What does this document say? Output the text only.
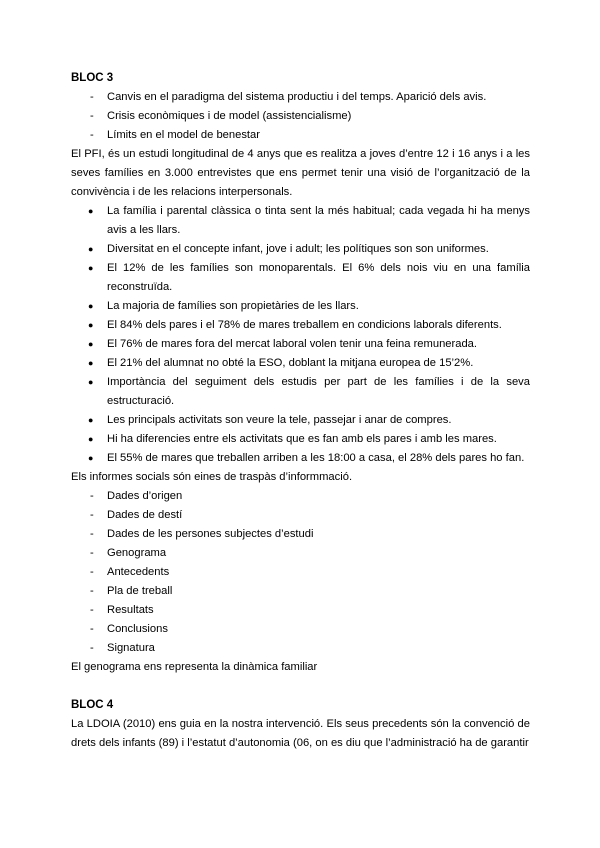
BLOC 3
- Canvis en el paradigma del sistema productiu i del temps. Aparició dels avis.
- Crisis econòmiques i de model (assistencialisme)
- Límits en el model de benestar

El PFI, és un estudi longitudinal de 4 anys que es realitza a joves d’entre 12 i 16 anys i a les seves famílies en 3.000 entrevistes que ens permet tenir una visió de l’organització de la convivència i de les relacions interpersonals.

● La família i parental clàssica o tinta sent la més habitual; cada vegada hi ha menys avis a les llars.
● Diversitat en el concepte infant, jove i adult; les polítiques son son uniformes.
● El 12% de les famílies son monoparentals. El 6% dels nois viu en una família reconstruïda.
● La majoria de famílies son propietàries de les llars.
● El 84% dels pares i el 78% de mares treballem en condicions laborals diferents.
● El 76% de mares fora del mercat laboral volen tenir una feina remunerada.
● El 21% del alumnat no obté la ESO, doblant la mitjana europea de 15’2%.
● Importància del seguiment dels estudis per part de les famílies i de la seva estructuració.
● Les principals activitats son veure la tele, passejar i anar de compres.
● Hi ha diferencies entre els activitats que es fan amb els pares i amb les mares.
● El 55% de mares que treballen arriben a les 18:00 a casa, el 28% dels pares ho fan.

Els informes socials són eines de traspàs d’informmació.

- Dades d’origen
- Dades de destí
- Dades de les persones subjectes d’estudi
- Genograma
- Antecedents
- Pla de treball
- Resultats
- Conclusions
- Signatura

El genograma ens representa la dinàmica familiar

BLOC 4

La LDOIA (2010) ens guia en la nostra intervenció. Els seus precedents són la convenció de drets dels infants (89) i l’estatut d’autonomia (06, on es diu que l’administració ha de garantir
